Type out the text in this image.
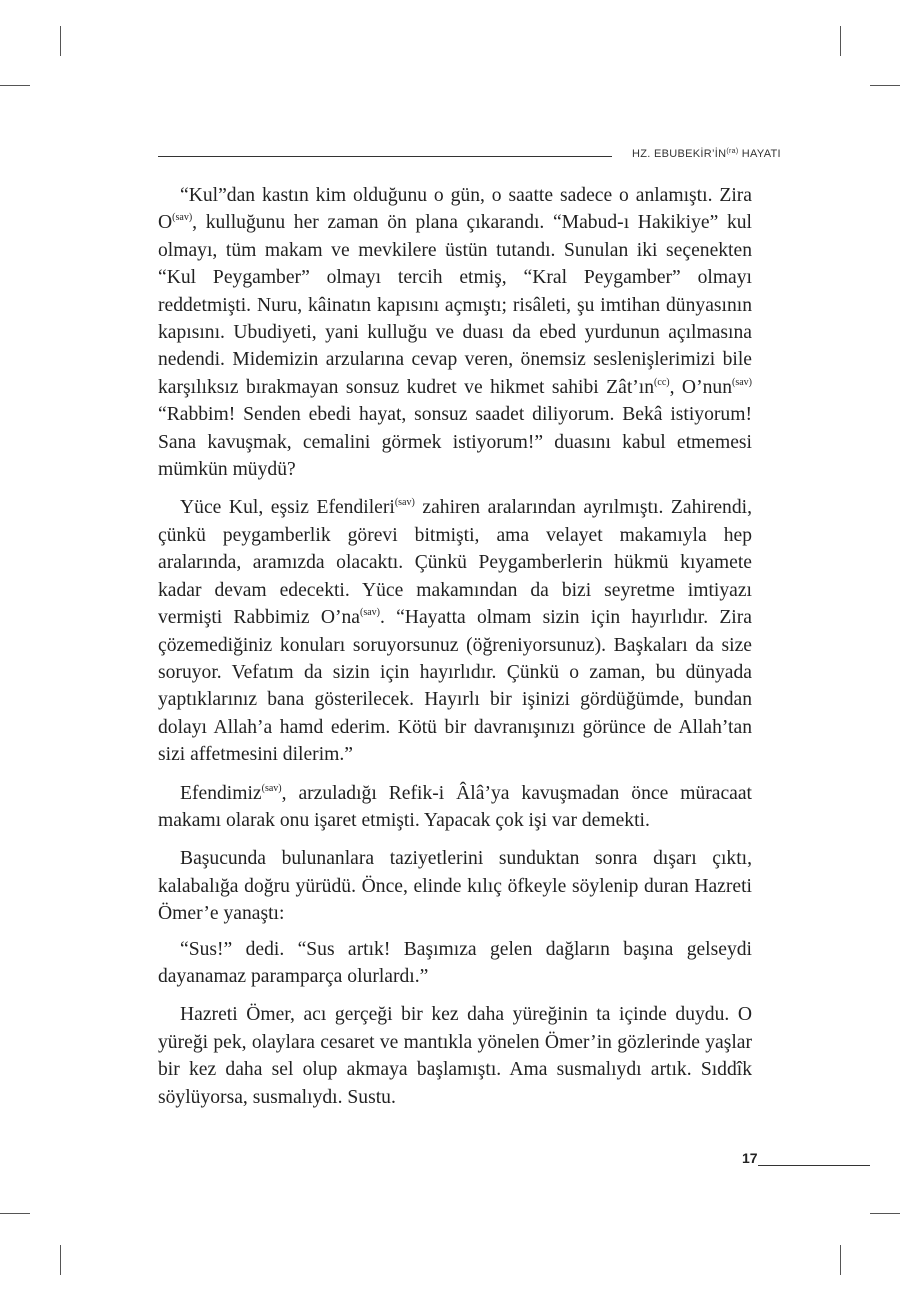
HZ. $EBUBEKİR’İN^{(ra)}$ HAYATI

“Kul”dan kastın kim olduğunu o gün, o saatte sadece o anlamıştı. Zira $O^{(sav)}$, kulluğunu her zaman ön plana çıkarandı. “Mabud-ı Hakikiye” kul olmayı, tüm makam ve mevkilere üstün tutandı. Sunulan iki seçenekten “Kul Peygamber” olmayı tercih etmiş, “Kral Peygamber” olmayı reddetmişti. Nuru, kâinatın kapısını açmıştı; risâleti, şu imtihan dünyasının kapısını. Ubudiyeti, yani kulluğu ve duası da ebed yurdunun açılmasına nedendi. Midemizin arzularına cevap veren, önemsiz seslenişlerimizi bile karşılıksız bırakmayan sonsuz kudret ve hikmet sahibi $Zât’ın^{(cc)}$, O’nun$^{(sav)}$ “Rabbim! Senden ebedi hayat, sonsuz saadet diliyorum. Bekâ istiyorum! Sana kavuşmak, cemalini görmek istiyorum!” duasını kabul etmemesi mümkün müydü?

Yüce Kul, eşsiz Efendileri$^{(sav)}$ zahiren aralarından ayrılmıştı. Zahirendi, çünkü peygamberlik görevi bitmişti, ama velayet makamıyla hep aralarında, aramızda olacaktı. Çünkü Peygamberlerin hükmü kıyamete kadar devam edecekti. Yüce makamından da bizi seyretme imtiyazı vermişti Rabbimiz $O’na^{(sav)}$. “Hayatta olmam sizin için hayırlıdır. Zira çözemediğiniz konuları soruyorsunuz (öğreniyorsunuz). Başkaları da size soruyor. Vefatım da sizin için hayırlıdır. Çünkü o zaman, bu dünyada yaptıklarınız bana gösterilecek. Hayırlı bir işinizi gördüğümde, bundan dolayı Allah’a hamd ederim. Kötü bir davranışınızı görünce de Allah’tan sizi affetmesini dilerim.”

Efendimiz$^{(sav)}$, arzuladığı Refik-i Âlâ’ya kavuşmadan önce müracaat makamı olarak onu işaret etmişti. Yapacak çok işi var demekti.

Başucunda bulunanlara taziyetlerini sunduktan sonra dışarı çıktı, kalabalığa doğru yürüdü. Önce, elinde kılıç öfkeyle söylenip duran Hazreti Ömer’e yanaştı:

“Sus!” dedi. “Sus artık! Başımıza gelen dağların başına gelseydi dayanamaz paramparça olurlardı.”

Hazreti Ömer, acı gerçeği bir kez daha yüreğinin ta içinde duydu. O yüreği pek, olaylara cesaret ve mantıkla yönelen Ömer’in gözlerinde yaşlar bir kez daha sel olup akmaya başlamıştı. Ama susmalıydı artık. Sıddîk söylüyorsa, susmalıydı. Sustu.

17
